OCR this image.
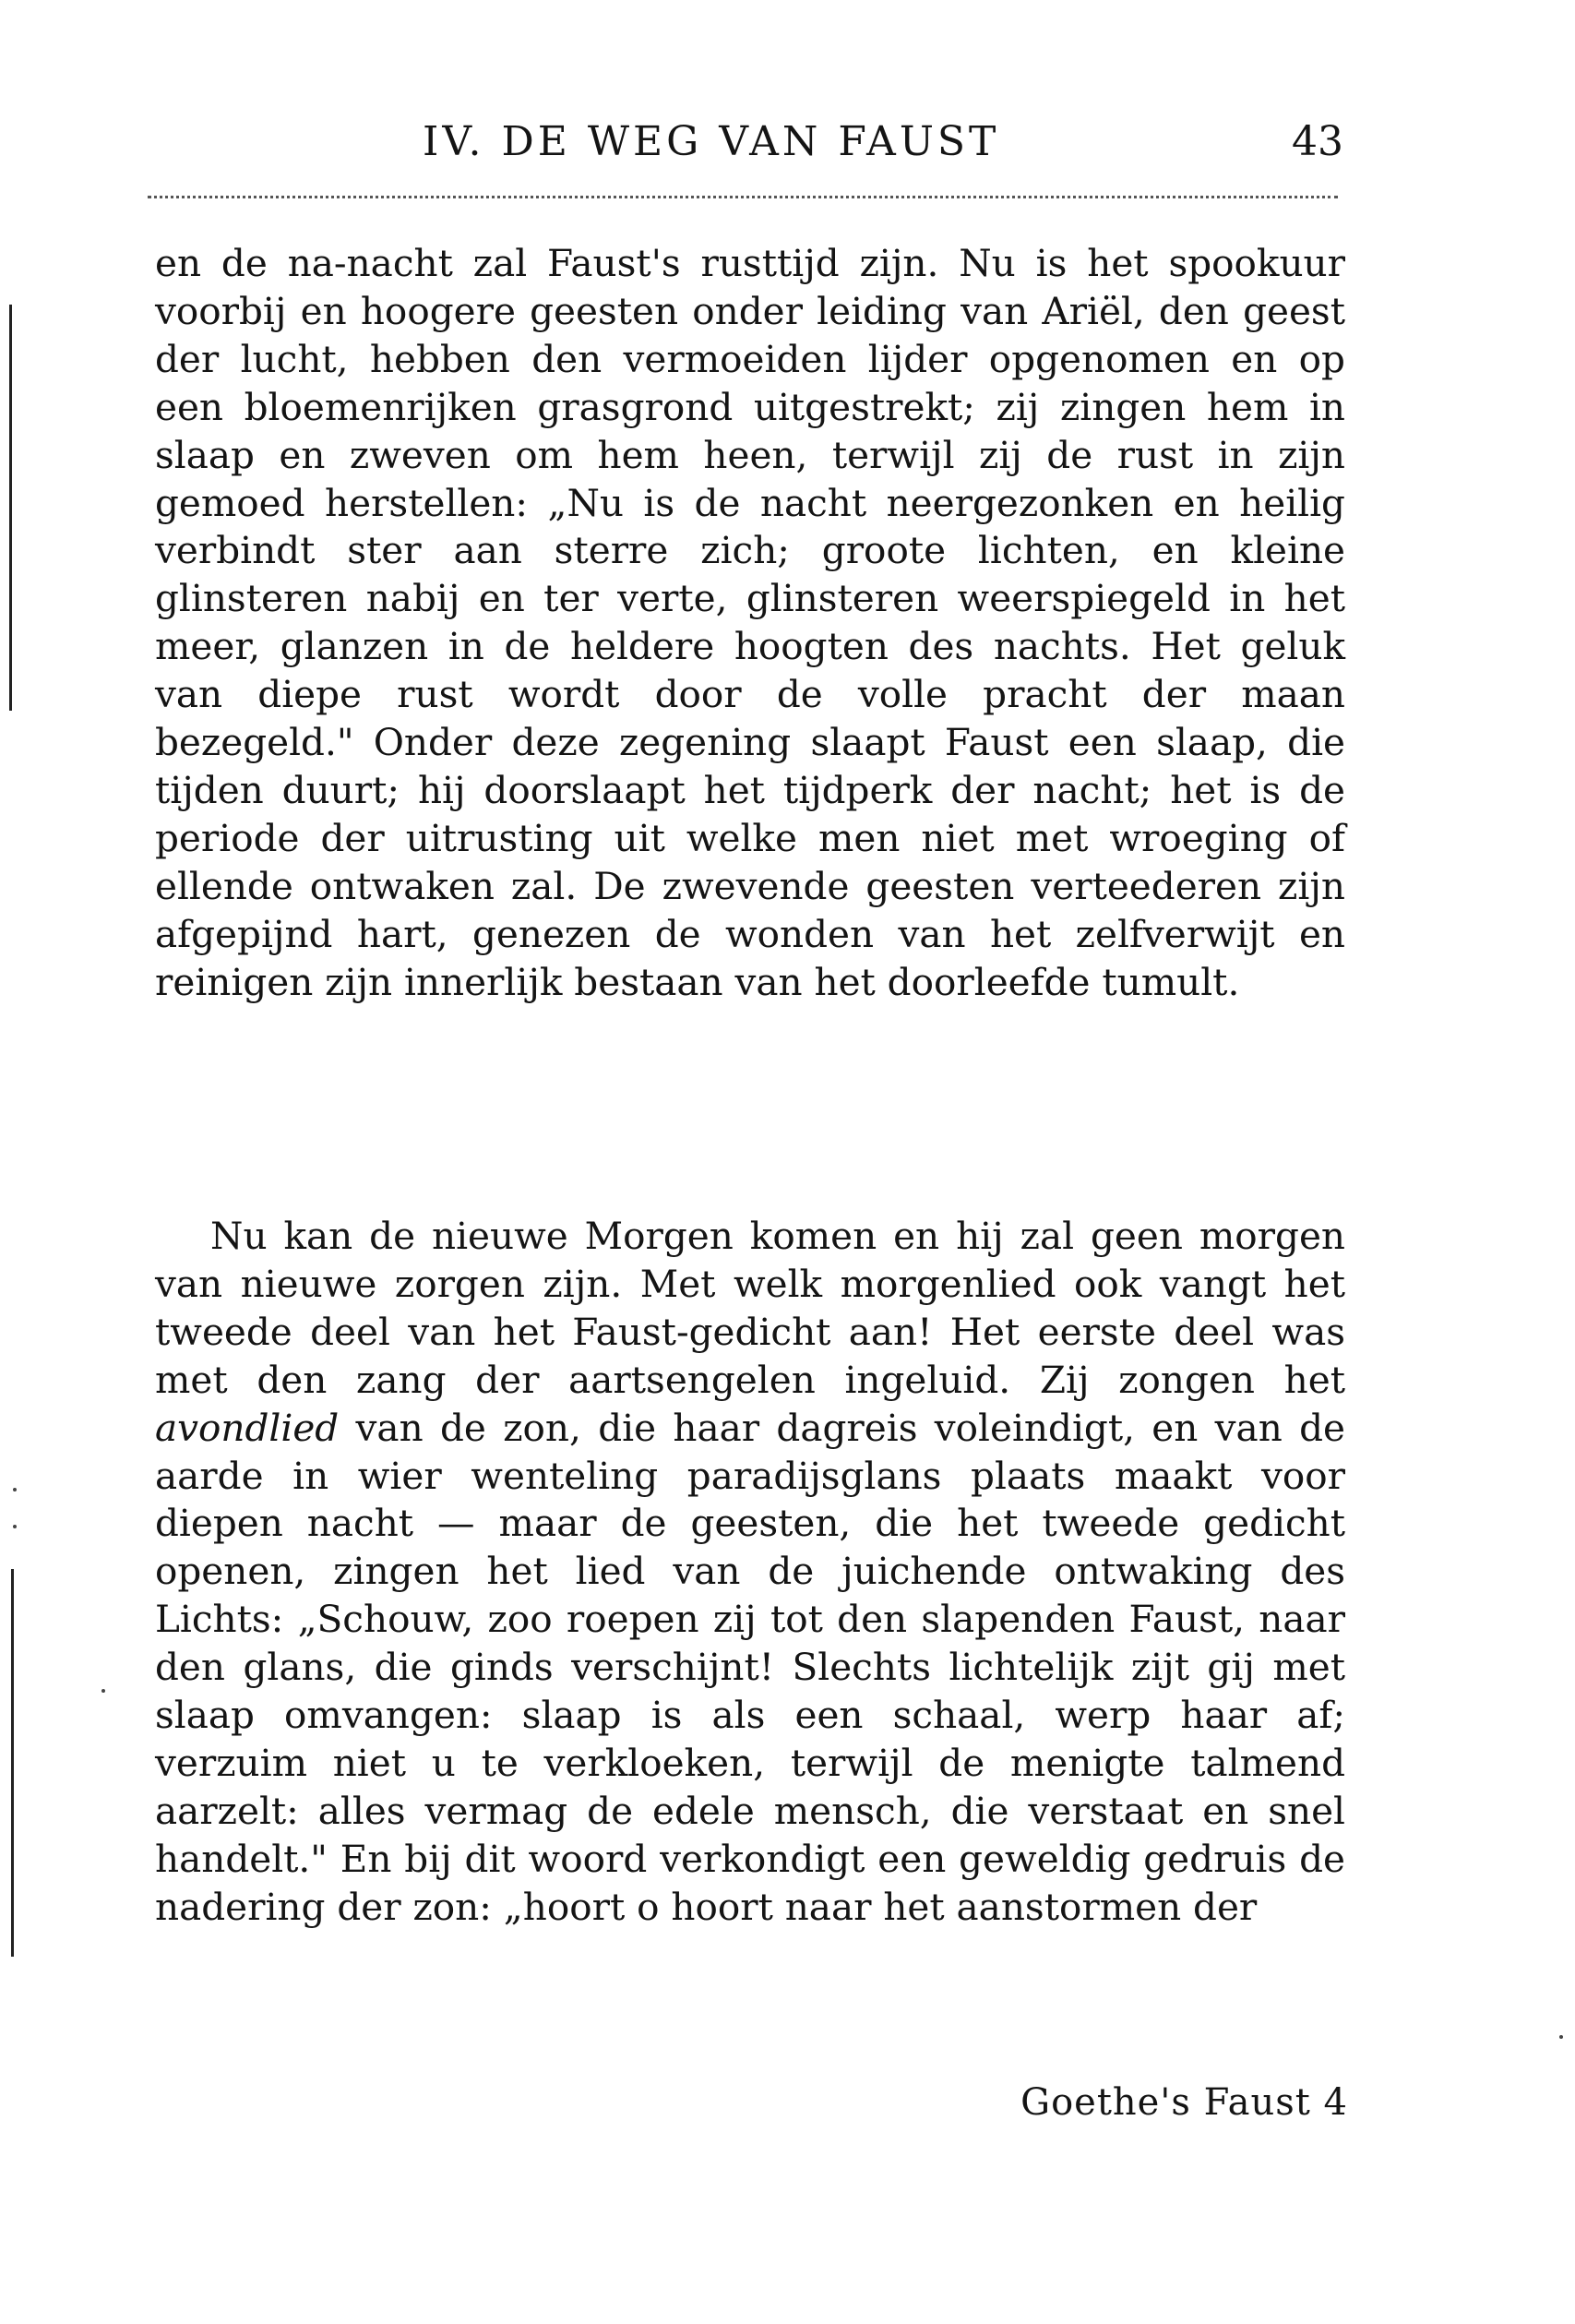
IV. DE WEG VAN FAUST	43

en de na-nacht zal Faust's rusttijd zijn. Nu is het spookuur voorbij en hoogere geesten onder leiding van Ariël, den geest der lucht, hebben den vermoeiden lijder opgenomen en op een bloemenrijken grasgrond uitgestrekt; zij zingen hem in slaap en zweven om hem heen, terwijl zij de rust in zijn gemoed herstellen: „Nu is de nacht neergezonken en heilig verbindt ster aan sterre zich; groote lichten, en kleine glinsteren nabij en ter verte, glinsteren weerspiegeld in het meer, glanzen in de heldere hoogten des nachts. Het geluk van diepe rust wordt door de volle pracht der maan bezegeld." Onder deze zegening slaapt Faust een slaap, die tijden duurt; hij doorslaapt het tijdperk der nacht; het is de periode der uitrusting uit welke men niet met wroeging of ellende ontwaken zal. De zwevende geesten verteederen zijn afgepijnd hart, genezen de wonden van het zelfverwijt en reinigen zijn innerlijk bestaan van het doorleefde tumult.

Nu kan de nieuwe Morgen komen en hij zal geen morgen van nieuwe zorgen zijn. Met welk morgenlied ook vangt het tweede deel van het Faust-gedicht aan! Het eerste deel was met den zang der aartsengelen ingeluid. Zij zongen het avondlied van de zon, die haar dagreis voleindigt, en van de aarde in wier wenteling paradijsglans plaats maakt voor diepen nacht — maar de geesten, die het tweede gedicht openen, zingen het lied van de juichende ontwaking des Lichts: „Schouw, zoo roepen zij tot den slapenden Faust, naar den glans, die ginds verschijnt! Slechts lichtelijk zijt gij met slaap omvangen: slaap is als een schaal, werp haar af; verzuim niet u te verkloeken, terwijl de menigte talmend aarzelt: alles vermag de edele mensch, die verstaat en snel handelt." En bij dit woord verkondigt een geweldig gedruis de nadering der zon: „hoort o hoort naar het aanstormen der

Goethe's Faust 4
